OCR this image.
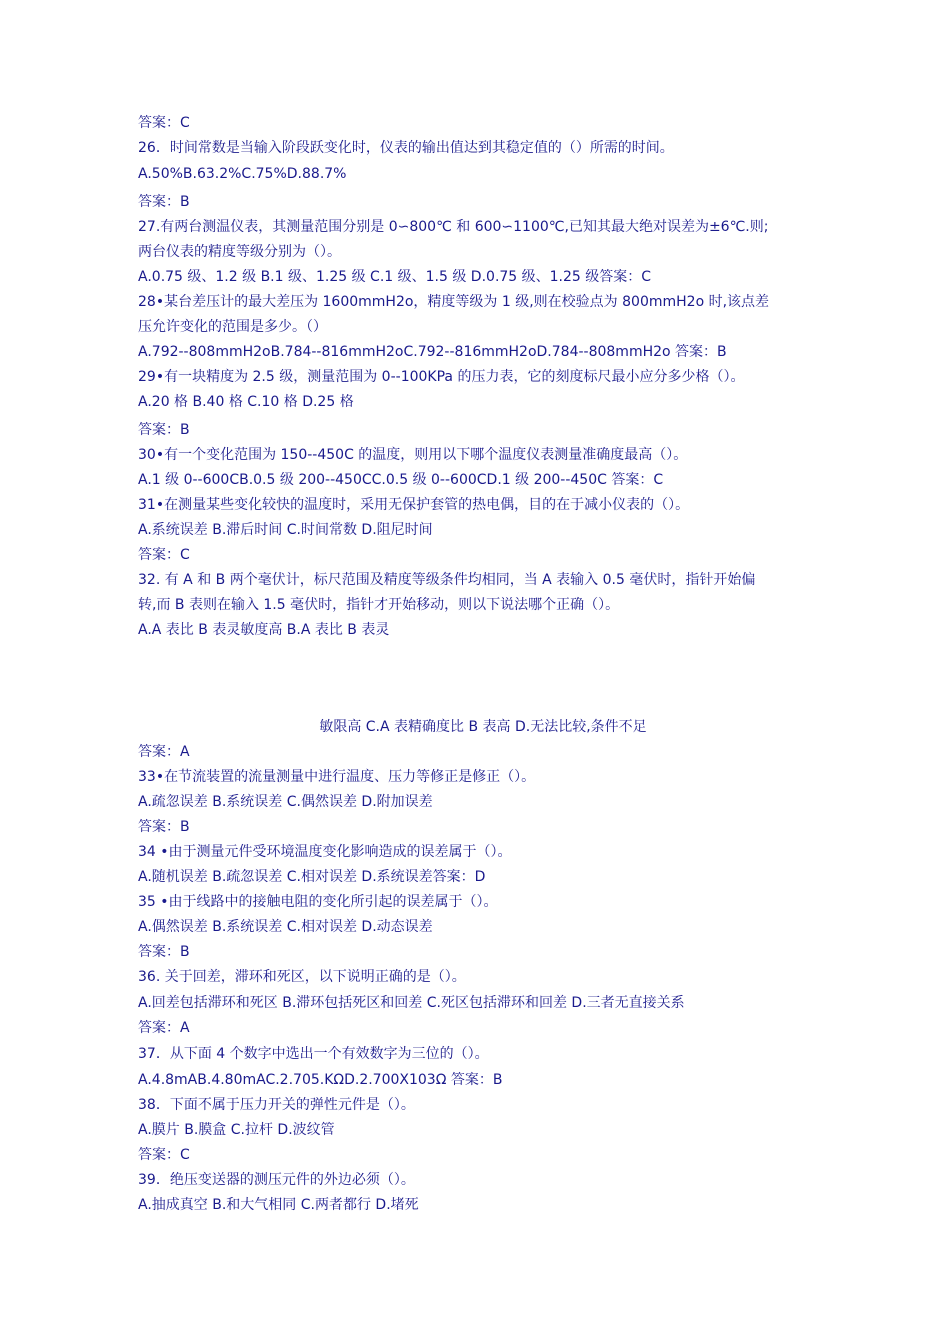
答案：C
26．时间常数是当输入阶段跃变化时，仪表的输出值达到其稳定值的（）所需的时间。
A.50%B.63.2%C.75%D.88.7%
答案：B
27.有两台测温仪表，其测量范围分别是 0∽800℃ 和 600∽1100℃,已知其最大绝对误差为±6℃.则;
两台仪表的精度等级分别为（）。
A.0.75 级、1.2 级 B.1 级、1.25 级 C.1 级、1.5 级 D.0.75 级、1.25 级答案：C
28•某台差压计的最大差压为 1600mmH2o，精度等级为 1 级,则在校验点为 800mmH2o 时,该点差
压允许变化的范围是多少。（）
A.792--808mmH2oB.784--816mmH2oC.792--816mmH2oD.784--808mmH2o 答案：B
29•有一块精度为 2.5 级，测量范围为 0--100KPa 的压力表，它的刻度标尺最小应分多少格（）。
A.20 格 B.40 格 C.10 格 D.25 格
答案：B
30•有一个变化范围为 150--450C 的温度，则用以下哪个温度仪表测量准确度最高（）。
A.1 级 0--600CB.0.5 级 200--450CC.0.5 级 0--600CD.1 级 200--450C 答案：C
31•在测量某些变化较快的温度时，采用无保护套管的热电偶，目的在于减小仪表的（）。
A.系统误差 B.滞后时间 C.时间常数 D.阻尼时间
答案：C
32. 有 A 和 B 两个毫伏计，标尺范围及精度等级条件均相同，当 A 表输入 0.5 毫伏时，指针开始偏
转,而 B 表则在输入 1.5 毫伏时，指针才开始移动，则以下说法哪个正确（）。
A.A 表比 B 表灵敏度高 B.A 表比 B 表灵
敏限高 C.A 表精确度比 B 表高 D.无法比较,条件不足
答案：A
33•在节流装置的流量测量中进行温度、压力等修正是修正（）。
A.疏忽误差 B.系统误差 C.偶然误差 D.附加误差
答案：B
34 •由于测量元件受环境温度变化影响造成的误差属于（）。
A.随机误差 B.疏忽误差 C.相对误差 D.系统误差答案：D
35 •由于线路中的接触电阻的变化所引起的误差属于（）。
A.偶然误差 B.系统误差 C.相对误差 D.动态误差
答案：B
36. 关于回差，滞环和死区，以下说明正确的是（）。
A.回差包括滞环和死区 B.滞环包括死区和回差 C.死区包括滞环和回差 D.三者无直接关系
答案：A
37．从下面 4 个数字中选出一个有效数字为三位的（）。
A.4.8mAB.4.80mAC.2.705.KΩD.2.700X103Ω 答案：B
38．下面不属于压力开关的弹性元件是（）。
A.膜片 B.膜盒 C.拉杆 D.波纹管
答案：C
39．绝压变送器的测压元件的外边必须（）。
A.抽成真空 B.和大气相同 C.两者都行 D.堵死
